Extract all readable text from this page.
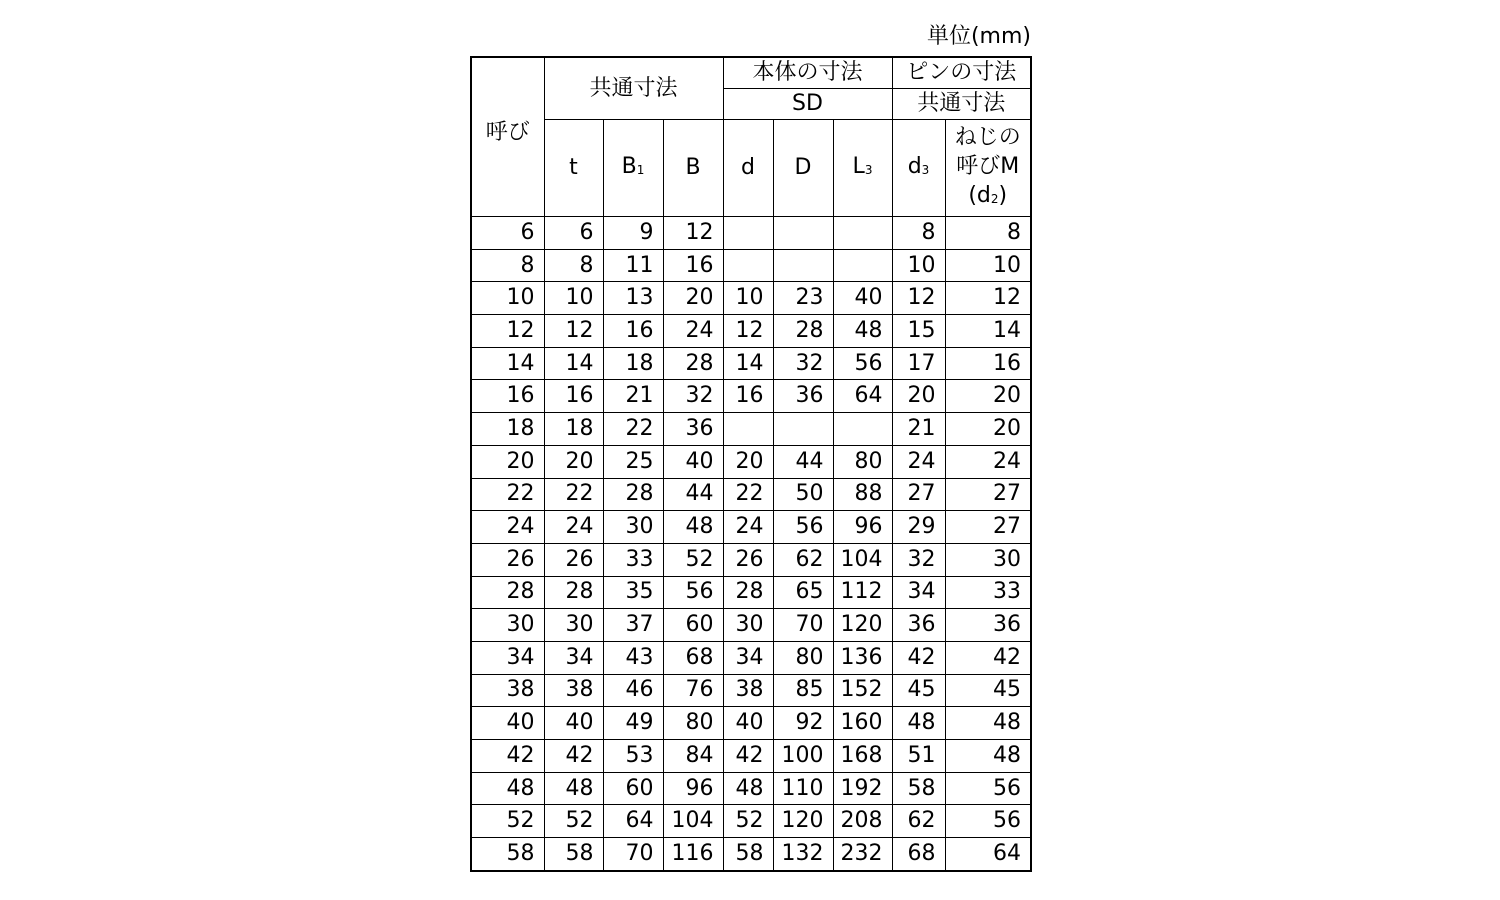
単位(mm)
呼び	共通寸法			本体の寸法			ピンの寸法	
				SD			共通寸法	
	t	$B_1$	B	d	D	$L_3$	$d_3$	ねじの
呼びM
$(d_2)$

6	6	9	12				8	8
8	8	11	16				10	10
10	10	13	20	10	23	40	12	12
12	12	16	24	12	28	48	15	14
14	14	18	28	14	32	56	17	16
16	16	21	32	16	36	64	20	20
18	18	22	36				21	20
20	20	25	40	20	44	80	24	24
22	22	28	44	22	50	88	27	27
24	24	30	48	24	56	96	29	27
26	26	33	52	26	62	104	32	30
28	28	35	56	28	65	112	34	33
30	30	37	60	30	70	120	36	36
34	34	43	68	34	80	136	42	42
38	38	46	76	38	85	152	45	45
40	40	49	80	40	92	160	48	48
42	42	53	84	42	100	168	51	48
48	48	60	96	48	110	192	58	56
52	52	64	104	52	120	208	62	56
58	58	70	116	58	132	232	68	64
